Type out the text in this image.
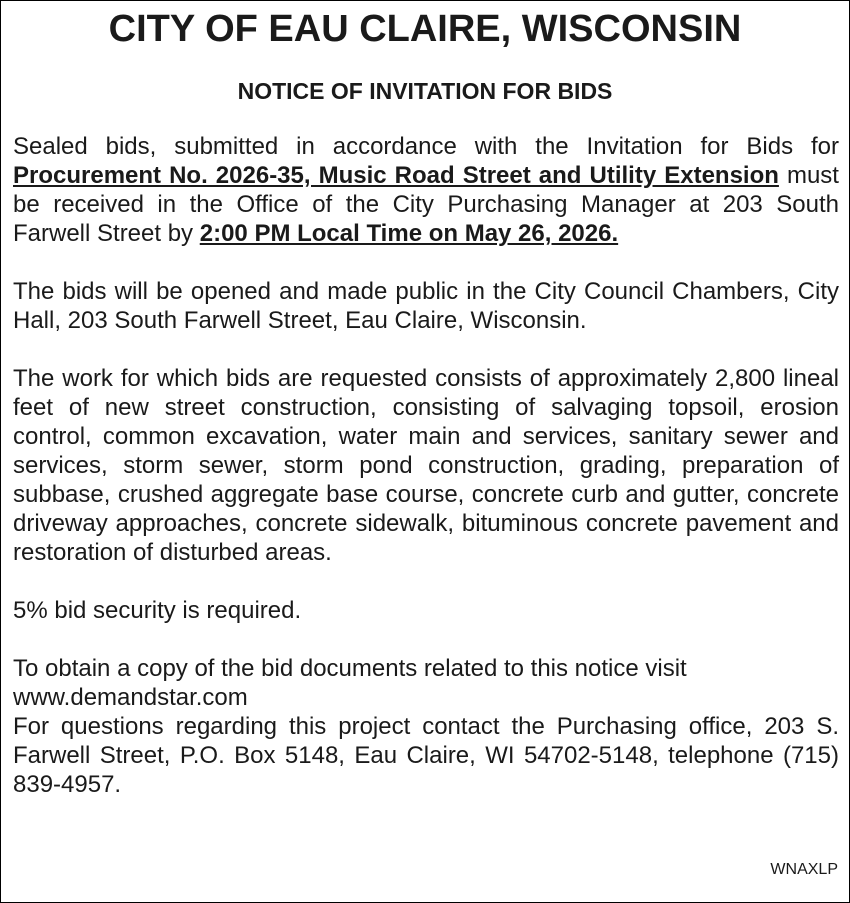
CITY OF EAU CLAIRE, WISCONSIN
NOTICE OF INVITATION FOR BIDS

Sealed bids, submitted in accordance with the Invitation for Bids for Procurement No. 2026-35, Music Road Street and Utility Extension must be received in the Office of the City Purchasing Manager at 203 South Farwell Street by 2:00 PM Local Time on May 26, 2026.

The bids will be opened and made public in the City Council Chambers, City Hall, 203 South Farwell Street, Eau Claire, Wisconsin.

The work for which bids are requested consists of approximately 2,800 lineal feet of new street construction, consisting of salvaging topsoil, erosion control, common excavation, water main and services, sanitary sewer and services, storm sewer, storm pond construction, grading, preparation of subbase, crushed aggregate base course, concrete curb and gutter, concrete driveway approaches, concrete sidewalk, bituminous concrete pavement and restoration of disturbed areas.

5% bid security is required.

To obtain a copy of the bid documents related to this notice visit

www.demandstar.com

For questions regarding this project contact the Purchasing office, 203 S. Farwell Street, P.O. Box 5148, Eau Claire, WI 54702-5148, telephone (715) 839-4957.

WNAXLP
